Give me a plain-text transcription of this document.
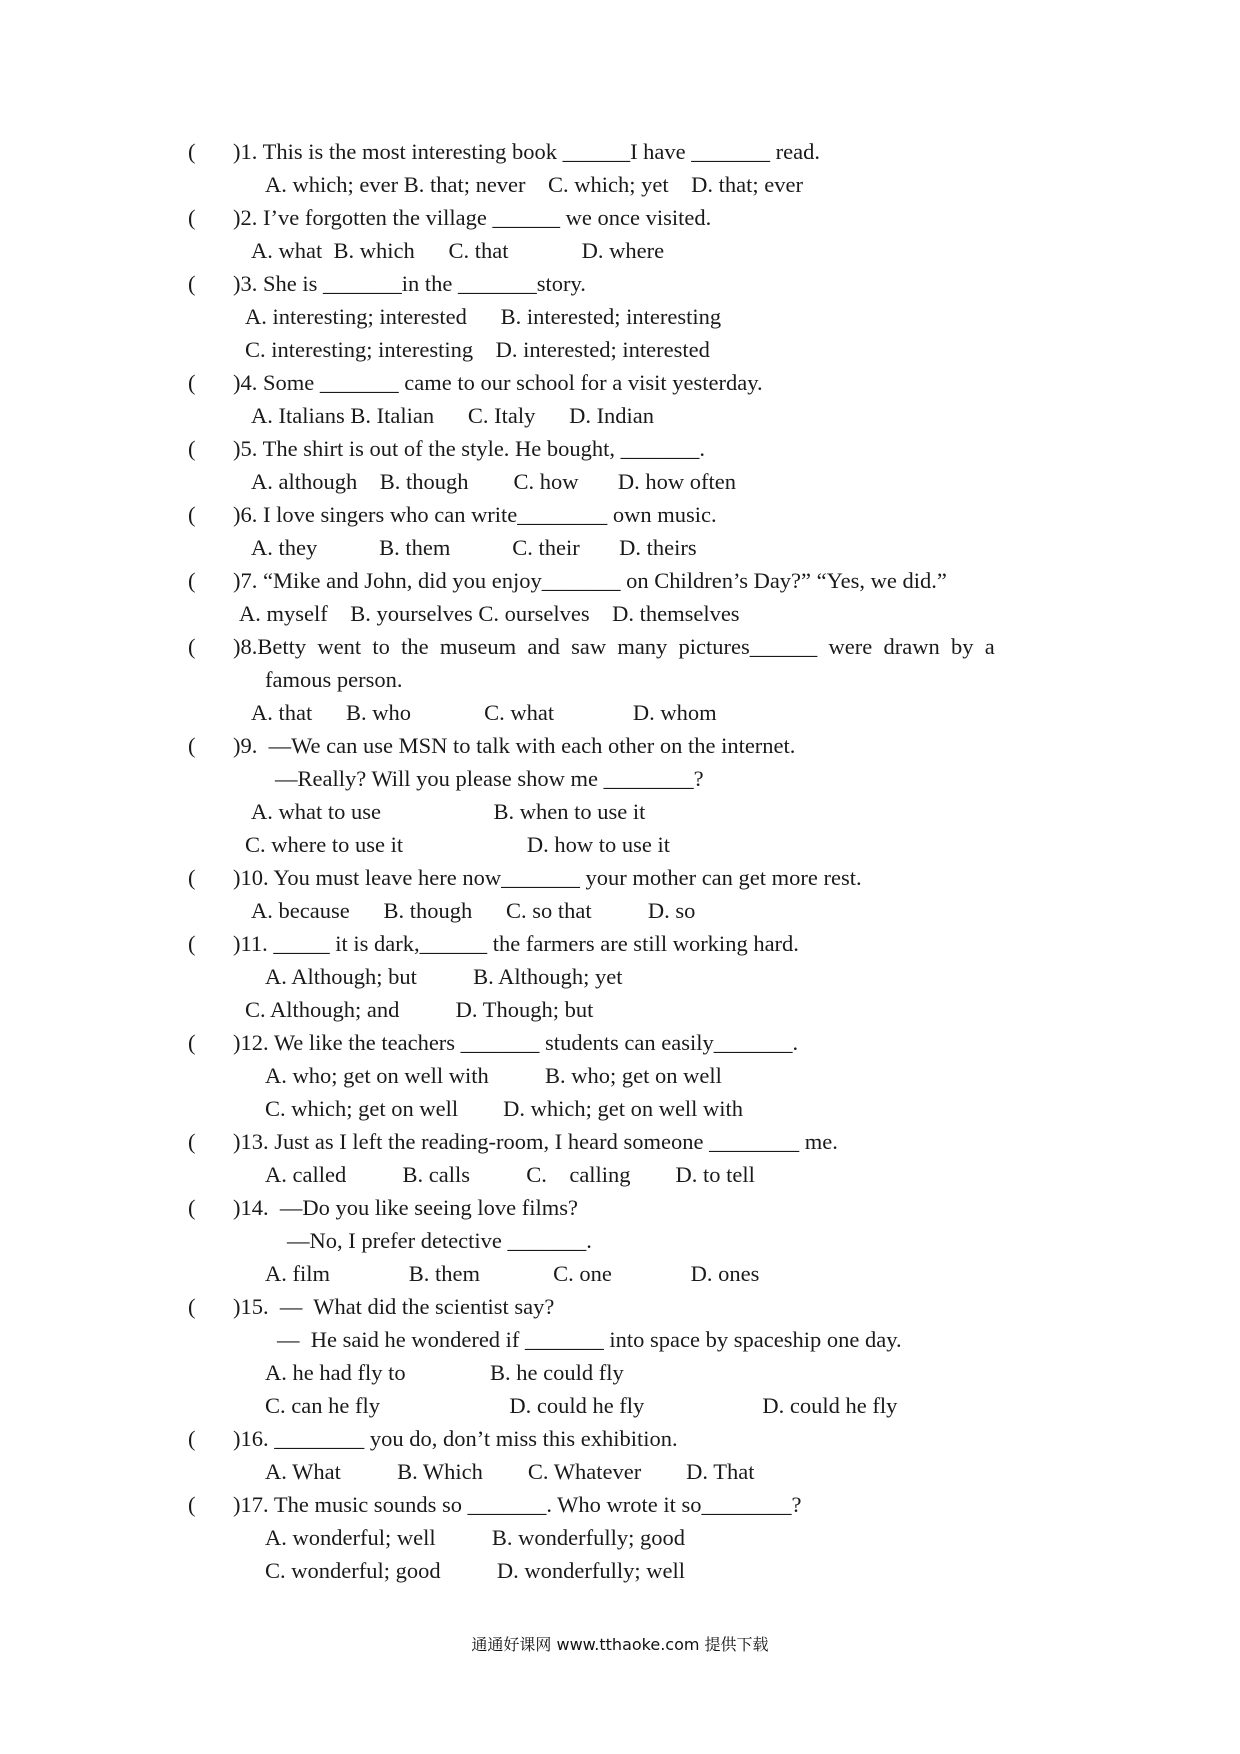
( )1. This is the most interesting book ______I have _______ read.
A. which; ever B. that; never    C. which; yet    D. that; ever
( )2. I’ve forgotten the village ______ we once visited.
A. what  B. which      C. that             D. where
( )3. She is _______in the _______story.
A. interesting; interested      B. interested; interesting
C. interesting; interesting    D. interested; interested
( )4. Some _______ came to our school for a visit yesterday.
A. Italians B. Italian      C. Italy      D. Indian
( )5. The shirt is out of the style. He bought, _______.
A. although    B. though        C. how       D. how often
( )6. I love singers who can write________ own music.
A. they           B. them           C. their       D. theirs
( )7. “Mike and John, did you enjoy_______ on Children’s Day?” “Yes, we did.”
A. myself    B. yourselves C. ourselves    D. themselves
( )8.Betty  went  to  the  museum  and  saw  many  pictures______  were  drawn  by  a
famous person.
A. that      B. who             C. what              D. whom
( )9.  —We can use MSN to talk with each other on the internet.
—Really? Will you please show me ________?
A. what to use                    B. when to use it
C. where to use it                      D. how to use it
( )10. You must leave here now_______ your mother can get more rest.
A. because      B. though      C. so that          D. so
( )11. _____ it is dark,______ the farmers are still working hard.
A. Although; but          B. Although; yet
C. Although; and          D. Though; but
( )12. We like the teachers _______ students can easily_______.
A. who; get on well with          B. who; get on well
C. which; get on well        D. which; get on well with
( )13. Just as I left the reading-room, I heard someone ________ me.
A. called          B. calls          C.    calling        D. to tell
( )14.  —Do you like seeing love films?
—No, I prefer detective _______.
A. film              B. them             C. one              D. ones
( )15.  —  What did the scientist say?
—  He said he wondered if _______ into space by spaceship one day.
A. he had fly to               B. he could fly
C. can he fly                       D. could he fly                     D. could he fly
( )16. ________ you do, don’t miss this exhibition.
A. What          B. Which        C. Whatever        D. That
( )17. The music sounds so _______. Who wrote it so________?
A. wonderful; well          B. wonderfully; good
C. wonderful; good          D. wonderfully; well
通通好课网 www.tthaoke.com 提供下载
